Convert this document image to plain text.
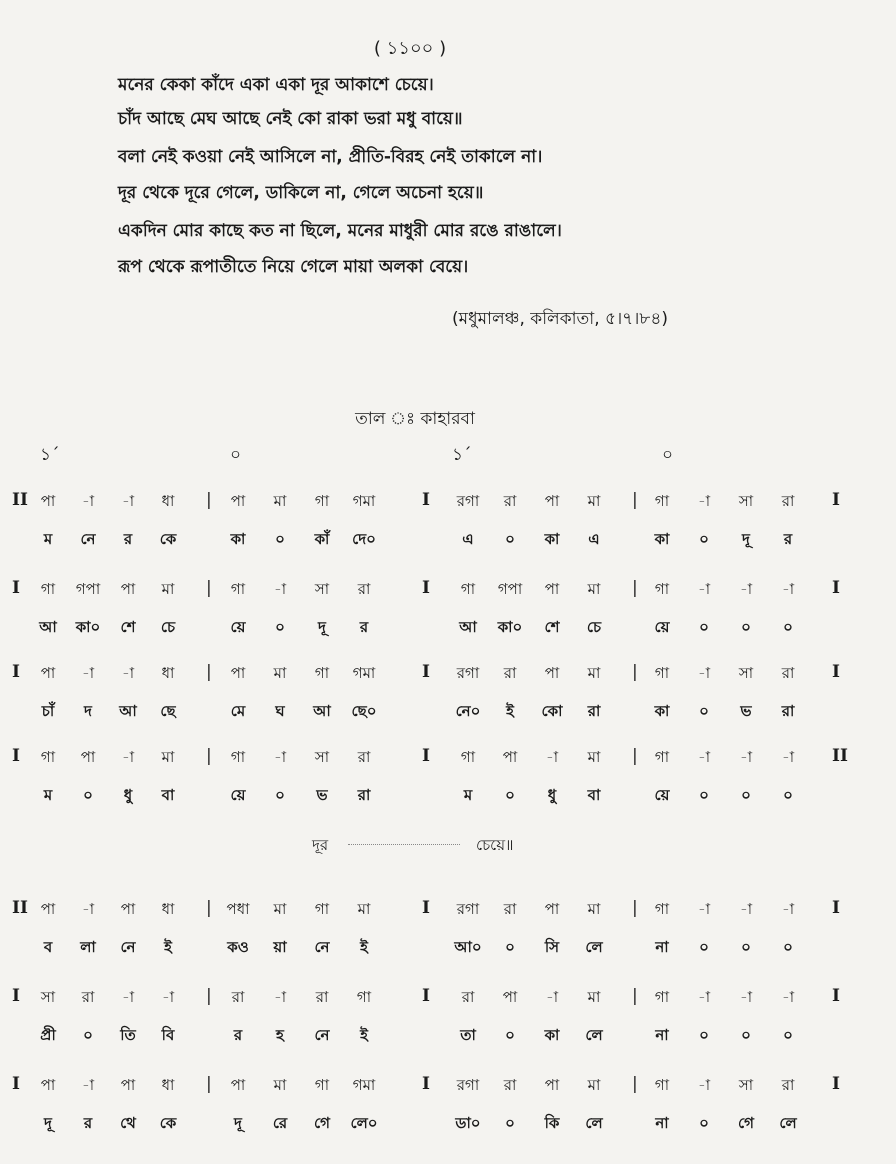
( ১১০০ )
মনের কেকা কাঁদে একা একা দূর আকাশে চেয়ে।
চাঁদ আছে মেঘ আছে নেই কো রাকা ভরা মধু বায়ে॥
বলা নেই কওয়া নেই আসিলে না, প্রীতি-বিরহ নেই তাকালে না।
দূর থেকে দূরে গেলে, ডাকিলে না, গেলে অচেনা হয়ে॥
একদিন মোর কাছে কত না ছিলে, মনের মাধুরী মোর রঙে রাঙালে।
রূপ থেকে রূপাতীতে নিয়ে গেলে মায়া অলকা বেয়ে।
(মধুমালঞ্চ, কলিকাতা, ৫।৭।৮৪)
তাল ঃ কাহারবা
১´	০	১´	০
II পা	-া	-া	ধা	পা	মা	গা	গমা	রগা	রা	পা	মা	গা	-া	সা	রা
|	I	|	I
ম	নে	র	কে	কা	০	কাঁ	দে০	এ	০	কা	এ	কা	০	দূ	র
I	গা	গপা	পা	মা	গা	-া	সা	রা	গা	গপা	পা	মা	গা	-া	-া	-া
|	I	|	I
আ	কা০	শে	চে	য়ে	০	দূ	র	আ	কা০	শে	চে	য়ে	০	০	০
I	পা	-া	-া	ধা	পা	মা	গা	গমা	রগা	রা	পা	মা	গা	-া	সা	রা
|	I	|	I
চাঁ	দ	আ	ছে	মে	ঘ	আ	ছে০	নে০	ই	কো	রা	কা	০	ভ	রা
I	গা	পা	-া	মা	গা	-া	সা	রা	গা	পা	-া	মা	গা	-া	-া	-া
|	I	|	II
ম	০	ধু	বা	য়ে	০	ভ	রা	ম	০	ধু	বা	য়ে	০	০	০
II পা	-া	পা	ধা	পধা	মা	গা	মা	রগা	রা	পা	মা	গা	-া	-া	-া
|	I	|	I
ব	লা	নে	ই	কও	য়া	নে	ই	আ০	০	সি	লে	না	০	০	০
I	সা	রা	-া	-া	রা	-া	রা	গা	রা	পা	-া	মা	গা	-া	-া	-া
|	I	|	I
প্রী	০	তি	বি	র	হ	নে	ই	তা	০	কা	লে	না	০	০	০
I	পা	-া	পা	ধা	পা	মা	গা	গমা	রগা	রা	পা	মা	গা	-া	সা	রা
|	I	|	I
দূ	র	থে	কে	দূ	রে	গে	লে০	ডা০	০	কি	লে	না	০	গে	লে
দূর	চেয়ে॥
